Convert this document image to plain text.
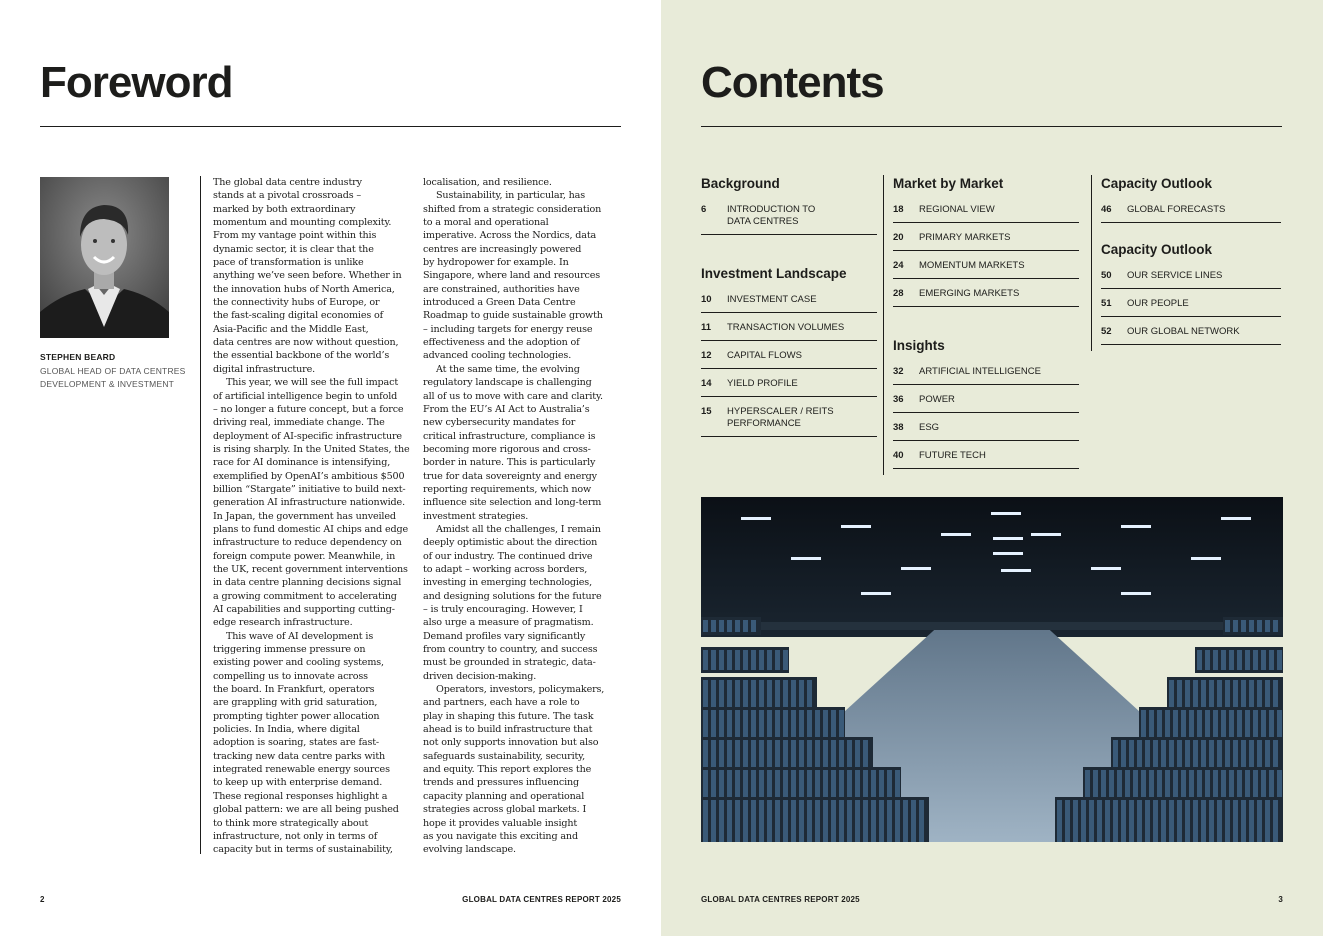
Foreword
STEPHEN BEARD
GLOBAL HEAD OF DATA CENTRES
DEVELOPMENT & INVESTMENT
The global data centre industry
stands at a pivotal crossroads –
marked by both extraordinary
momentum and mounting complexity.
From my vantage point within this
dynamic sector, it is clear that the
pace of transformation is unlike
anything we’ve seen before. Whether in
the innovation hubs of North America,
the connectivity hubs of Europe, or
the fast-scaling digital economies of
Asia-Pacific and the Middle East,
data centres are now without question,
the essential backbone of the world’s
digital infrastructure.
This year, we will see the full impact
of artificial intelligence begin to unfold
– no longer a future concept, but a force
driving real, immediate change. The
deployment of AI-specific infrastructure
is rising sharply. In the United States, the
race for AI dominance is intensifying,
exemplified by OpenAI’s ambitious $500
billion “Stargate” initiative to build next-
generation AI infrastructure nationwide.
In Japan, the government has unveiled
plans to fund domestic AI chips and edge
infrastructure to reduce dependency on
foreign compute power. Meanwhile, in
the UK, recent government interventions
in data centre planning decisions signal
a growing commitment to accelerating
AI capabilities and supporting cutting-
edge research infrastructure.
This wave of AI development is
triggering immense pressure on
existing power and cooling systems,
compelling us to innovate across
the board. In Frankfurt, operators
are grappling with grid saturation,
prompting tighter power allocation
policies. In India, where digital
adoption is soaring, states are fast-
tracking new data centre parks with
integrated renewable energy sources
to keep up with enterprise demand.
These regional responses highlight a
global pattern: we are all being pushed
to think more strategically about
infrastructure, not only in terms of
capacity but in terms of sustainability,
localisation, and resilience.
Sustainability, in particular, has
shifted from a strategic consideration
to a moral and operational
imperative. Across the Nordics, data
centres are increasingly powered
by hydropower for example. In
Singapore, where land and resources
are constrained, authorities have
introduced a Green Data Centre
Roadmap to guide sustainable growth
– including targets for energy reuse
effectiveness and the adoption of
advanced cooling technologies.
At the same time, the evolving
regulatory landscape is challenging
all of us to move with care and clarity.
From the EU’s AI Act to Australia’s
new cybersecurity mandates for
critical infrastructure, compliance is
becoming more rigorous and cross-
border in nature. This is particularly
true for data sovereignty and energy
reporting requirements, which now
influence site selection and long-term
investment strategies.
Amidst all the challenges, I remain
deeply optimistic about the direction
of our industry. The continued drive
to adapt – working across borders,
investing in emerging technologies,
and designing solutions for the future
– is truly encouraging. However, I
also urge a measure of pragmatism.
Demand profiles vary significantly
from country to country, and success
must be grounded in strategic, data-
driven decision-making.
Operators, investors, policymakers,
and partners, each have a role to
play in shaping this future. The task
ahead is to build infrastructure that
not only supports innovation but also
safeguards sustainability, security,
and equity. This report explores the
trends and pressures influencing
capacity planning and operational
strategies across global markets. I
hope it provides valuable insight
as you navigate this exciting and
evolving landscape.
2	GLOBAL DATA CENTRES REPORT 2025
Contents
Background
6	INTRODUCTION TO
DATA CENTRES
Investment Landscape
10	INVESTMENT CASE
11	TRANSACTION VOLUMES
12	CAPITAL FLOWS
14	YIELD PROFILE
15	HYPERSCALER / REITS
PERFORMANCE
Market by Market
18	REGIONAL VIEW
20	PRIMARY MARKETS
24	MOMENTUM MARKETS
28	EMERGING MARKETS
Insights
32	ARTIFICIAL INTELLIGENCE
36	POWER
38	ESG
40	FUTURE TECH
Capacity Outlook
46	GLOBAL FORECASTS
Capacity Outlook
50	OUR SERVICE LINES
51	OUR PEOPLE
52	OUR GLOBAL NETWORK
GLOBAL DATA CENTRES REPORT 2025	3
